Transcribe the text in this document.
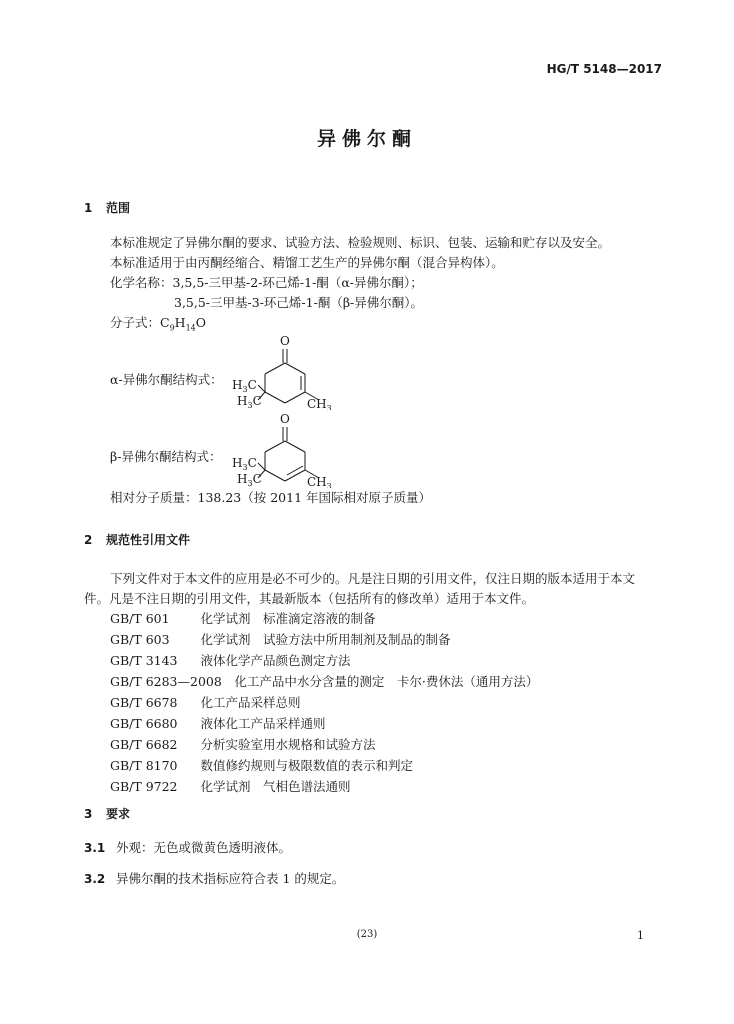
HG/T 5148—2017
异佛尔酮
1 范围
本标准规定了异佛尔酮的要求、试验方法、检验规则、标识、包装、运输和贮存以及安全。
本标准适用于由丙酮经缩合、精馏工艺生产的异佛尔酮（混合异构体）。
化学名称：3,5,5-三甲基-2-环己烯-1-酮（α-异佛尔酮）；
3,5,5-三甲基-3-环己烯-1-酮（β-异佛尔酮）。
分子式：$C_9H_{14}O$
α-异佛尔酮结构式：
O
$H_3C$
$H_3C$	$CH_3$
β-异佛尔酮结构式：
O
$H_3C$
$H_3C$	$CH_3$
相对分子质量：138.23（按 2011 年国际相对原子质量）
2 规范性引用文件
下列文件对于本文件的应用是必不可少的。凡是注日期的引用文件，仅注日期的版本适用于本文
件。凡是不注日期的引用文件，其最新版本（包括所有的修改单）适用于本文件。
GB/T 601　 化学试剂　标准滴定溶液的制备
GB/T 603　 化学试剂　试验方法中所用制剂及制品的制备
GB/T 3143　 液体化学产品颜色测定方法
GB/T 6283—2008　 化工产品中水分含量的测定　卡尔·费休法（通用方法）
GB/T 6678　 化工产品采样总则
GB/T 6680　 液体化工产品采样通则
GB/T 6682　 分析实验室用水规格和试验方法
GB/T 8170　 数值修约规则与极限数值的表示和判定
GB/T 9722　 化学试剂　气相色谱法通则
3 要求
3.1 外观：无色或微黄色透明液体。
3.2 异佛尔酮的技术指标应符合表 1 的规定。
(23)	1
